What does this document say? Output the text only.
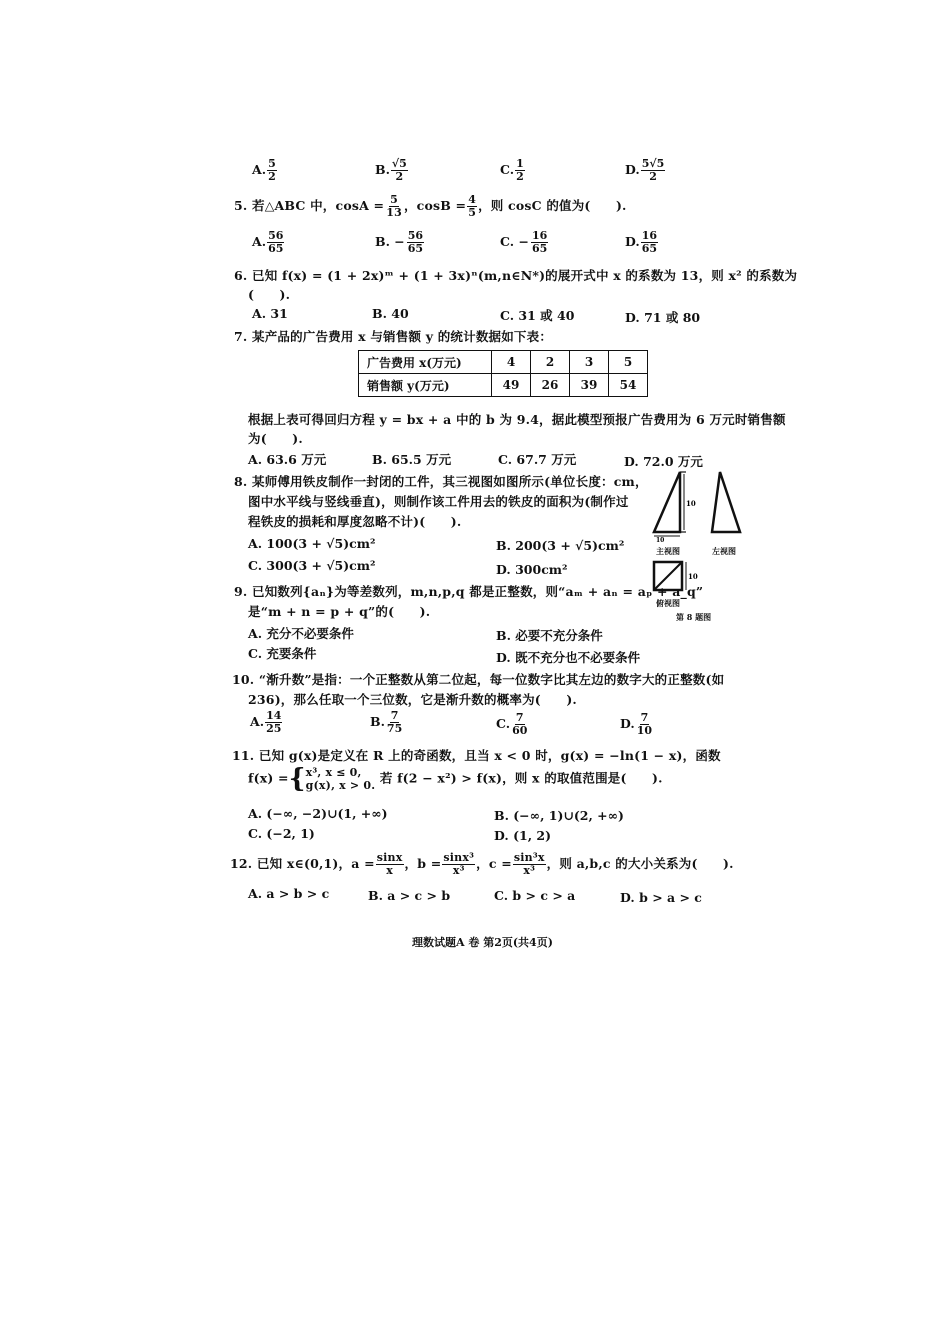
A. $\frac{5}{2}$	B. $\frac{√5}{2}$	C. $\frac{1}{2}$	D. $\frac{5√5}{2}$
5. 若△ABC 中，$\cos A = \frac{5}{13}$ ，$\cos B = \frac{4}{5}$ ，则 cosC 的值为(　　).
A. $\frac{56}{65}$	B. − $\frac{56}{65}$	C. − $\frac{16}{65}$	D. $\frac{16}{65}$
6. 已知 f(x) = (1 + 2x)ᵐ + (1 + 3x)ⁿ(m,n∈N*)的展开式中 x 的系数为 13，则 x² 的系数为
(　　).
A. 31	B. 40	C. 31 或 40	D. 71 或 80
7. 某产品的广告费用 x 与销售额 y 的统计数据如下表：
广告费用 x(万元)	4	2	3	5
销售额 y(万元)	49	26	39	54
根据上表可得回归方程 y = bx + a 中的 b 为 9.4，据此模型预报广告费用为 6 万元时销售额
为(　　).
A. 63.6 万元	B. 65.5 万元	C. 67.7 万元	D. 72.0 万元
8. 某师傅用铁皮制作一封闭的工件，其三视图如图所示(单位长度：cm，
图中水平线与竖线垂直)，则制作该工件用去的铁皮的面积为(制作过
程铁皮的损耗和厚度忽略不计)(　　).
A. 100(3 + √5)cm²	B. 200(3 + √5)cm²
C. 300(3 + √5)cm²	D. 300cm²
10
10
10
主视图	左视图
俯视图
第 8 题图
9. 已知数列{aₙ}为等差数列，m,n,p,q 都是正整数，则“aₘ + aₙ = aₚ + a_q”
是“m + n = p + q”的(　　).
A. 充分不必要条件	B. 必要不充分条件
C. 充要条件	D. 既不充分也不必要条件
10. “渐升数”是指：一个正整数从第二位起，每一位数字比其左边的数字大的正整数(如
236)，那么任取一个三位数，它是渐升数的概率为(　　).
A. $\frac{14}{25}$	B. $\frac{7}{75}$	C. $\frac{7}{60}$	D. $\frac{7}{10}$
11. 已知 g(x)是定义在 R 上的奇函数，且当 x < 0 时，g(x) = −ln(1 − x)，函数
f(x) ={ x³, x ≤ 0,
g(x), x > 0. 若 f(2 − x²) > f(x)，则 x 的取值范围是(　　).
A. (−∞, −2)∪(1, +∞)	B. (−∞, 1)∪(2, +∞)
C. (−2, 1)	D. (1, 2)
12. 已知 x∈(0,1)，$a = \frac{\sin x}{x}$ ，$b = \frac{\text{sinx³}}{\text{x³}}$ ，$c = \frac{\text{sin³x}}{\text{x³}}$ ，则 a,b,c 的大小关系为(　　).
A. a > b > c	B. a > c > b	C. b > c > a	D. b > a > c
理数试题A 卷 第2页(共4页)
